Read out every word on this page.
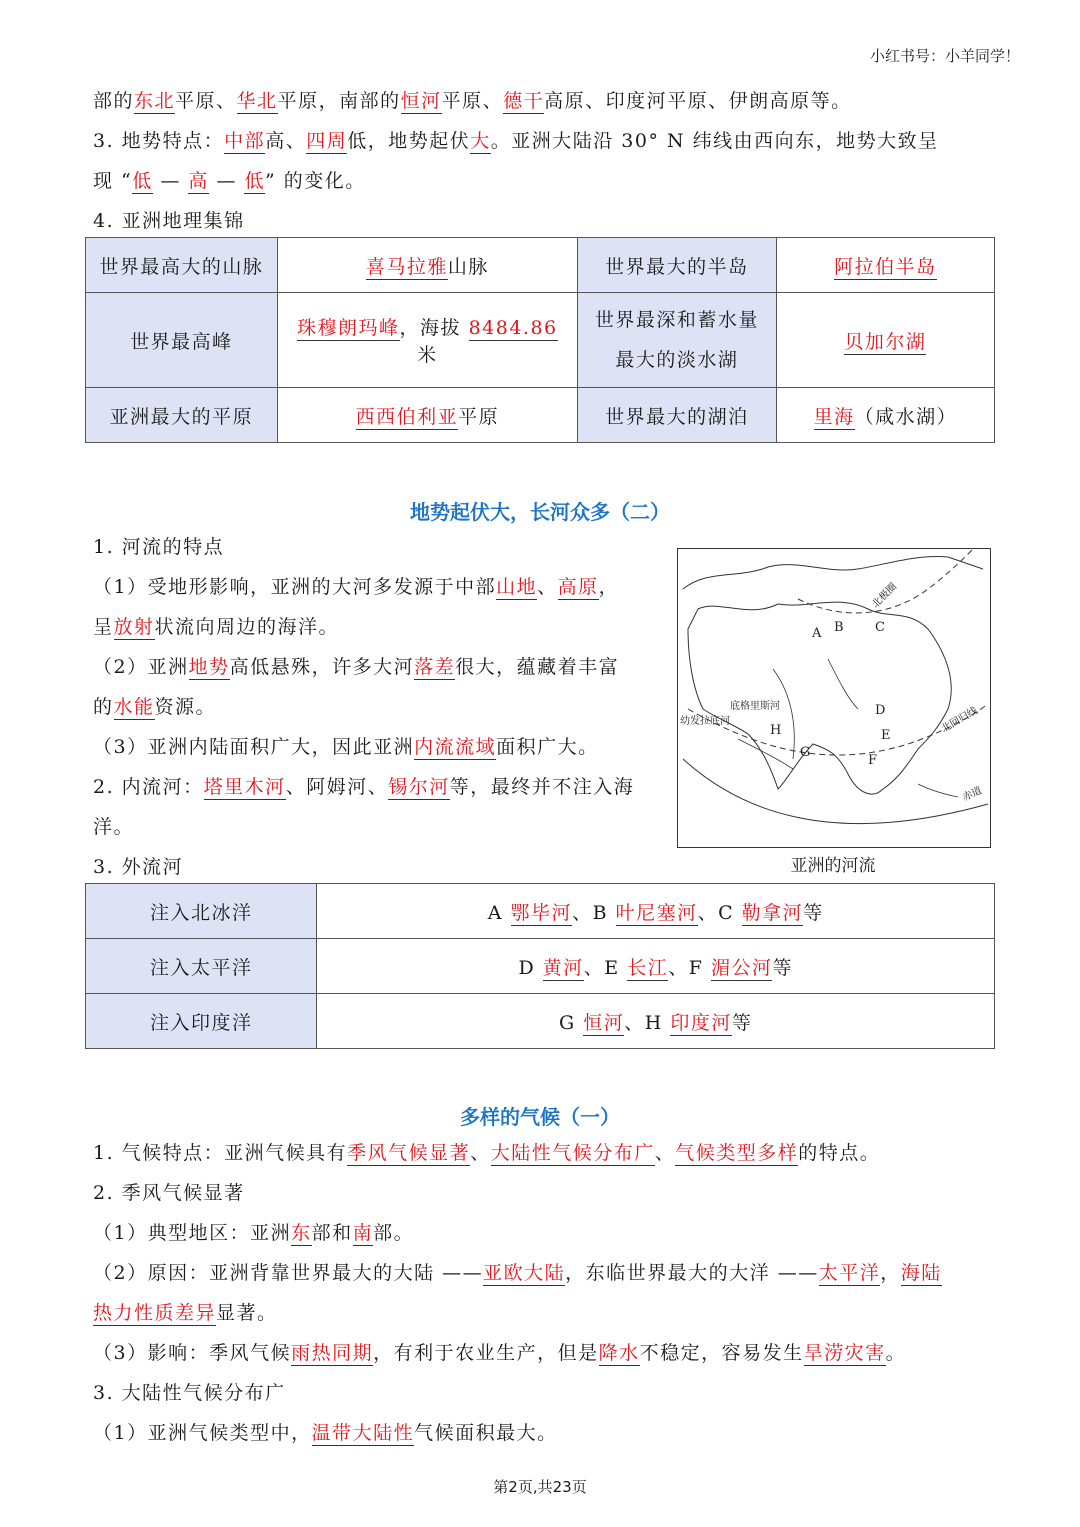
小红书号：小羊同学！
部的东北平原、华北平原，南部的恒河平原、德干高原、印度河平原、伊朗高原等。
3. 地势特点：中部高、四周低，地势起伏大。亚洲大陆沿 30° N 纬线由西向东，地势大致呈
现 “低 — 高 — 低” 的变化。
4. 亚洲地理集锦
世界最高大的山脉	喜马拉雅山脉	世界最大的半岛	阿拉伯半岛
世界最高峰	珠穆朗玛峰，海拔 8484.86 米	世界最深和蓄水量最大的淡水湖	贝加尔湖
亚洲最大的平原	西西伯利亚平原	世界最大的湖泊	里海（咸水湖）
地势起伏大，长河众多（二）
1. 河流的特点
（1）受地形影响，亚洲的大河多发源于中部山地、高原，
呈放射状流向周边的海洋。
（2）亚洲地势高低悬殊，许多大河落差很大，蕴藏着丰富
的水能资源。
（3）亚洲内陆面积广大，因此亚洲内流流域面积广大。
2. 内流河：塔里木河、阿姆河、锡尔河等，最终并不注入海
洋。
3. 外流河
北极圈
底格里斯河
幼发拉底河	北回归线
赤道
A B C
D
E
F
G
H
亚洲的河流
注入北冰洋	A 鄂毕河、B 叶尼塞河、C 勒拿河等
注入太平洋	D 黄河、E 长江、F 湄公河等
注入印度洋	G 恒河、H 印度河等
多样的气候（一）
1. 气候特点：亚洲气候具有季风气候显著、大陆性气候分布广、气候类型多样的特点。
2. 季风气候显著
（1）典型地区：亚洲东部和南部。
（2）原因：亚洲背靠世界最大的大陆 ——亚欧大陆，东临世界最大的大洋 ——太平洋，海陆
热力性质差异显著。
（3）影响：季风气候雨热同期，有利于农业生产，但是降水不稳定，容易发生旱涝灾害。
3. 大陆性气候分布广
（1）亚洲气候类型中，温带大陆性气候面积最大。
第2页,共23页
